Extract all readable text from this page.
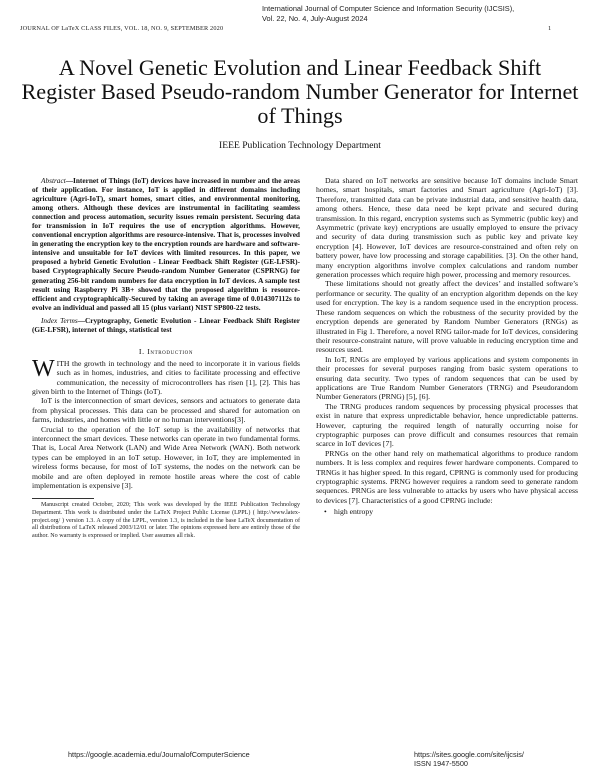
International Journal of Computer Science and Information Security (IJCSIS),
Vol. 22, No. 4, July-August 2024
JOURNAL OF LaTeX CLASS FILES, VOL. 18, NO. 9, SEPTEMBER 2020	1
A Novel Genetic Evolution and Linear Feedback Shift Register Based Pseudo-random Number Generator for Internet of Things
IEEE Publication Technology Department

Abstract—Internet of Things (IoT) devices have increased in number and the areas of their application. For instance, IoT is applied in different domains including agriculture (Agri-IoT), smart homes, smart cities, and environmental monitoring, among others. Although these devices are instrumental in facilitating seamless connection and process automation, security issues remain persistent. Securing data for transmission in IoT requires the use of encryption algorithms. However, conventional encryption algorithms are resource-intensive. That is, processes involved in generating the encryption key to the encryption rounds are hardware and software-intensive and unsuitable for IoT devices with limited resources. In this paper, we proposed a hybrid Genetic Evolution - Linear Feedback Shift Register (GE-LFSR)-based Cryptographically Secure Pseudo-random Number Generator (CSPRNG) for generating 256-bit random numbers for data encryption in IoT devices. A sample test result using Raspberry Pi 3B+ showed that the proposed algorithm is resource-efficient and cryptographically-Secured by taking an average time of 0.014307112s to evolve an individual and passed all 15 (plus variant) NIST SP800-22 tests.

Index Terms—Cryptography, Genetic Evolution - Linear Feedback Shift Register (GE-LFSR), internet of things, statistical test

I. Introduction

WITH the growth in technology and the need to incorporate it in various fields such as in homes, industries, and cities to facilitate processing and effective communication, the necessity of microcontrollers has risen [1], [2]. This has given birth to the Internet of Things (IoT).

IoT is the interconnection of smart devices, sensors and actuators to generate data from physical processes. This data can be processed and shared for automation on farms, industries, and homes with little or no human interventions[3].

Crucial to the operation of the IoT setup is the availability of networks that interconnect the smart devices. These networks can operate in two fundamental forms. That is, Local Area Network (LAN) and Wide Area Network (WAN). Both network types can be employed in an IoT setup. However, in IoT, they are implemented in wireless forms because, for most of IoT systems, the nodes on the network can be mobile and are often deployed in remote hostile areas where the cost of cable implementation is expensive [3].

Manuscript created October, 2020; This work was developed by the IEEE Publication Technology Department. This work is distributed under the LaTeX Project Public License (LPPL) ( http://www.latex-project.org/ ) version 1.3. A copy of the LPPL, version 1.3, is included in the base LaTeX documentation of all distributions of LaTeX released 2003/12/01 or later. The opinions expressed here are entirely those of the author. No warranty is expressed or implied. User assumes all risk.

Data shared on IoT networks are sensitive because IoT domains include Smart homes, smart hospitals, smart factories and Smart agriculture (Agri-IoT) [3]. Therefore, transmitted data can be private industrial data, and sensitive health data, among others. Hence, these data need be kept private and secured during transmission. In this regard, encryption systems such as Symmetric (public key) and Asymmetric (private key) encryptions are usually employed to ensure the privacy and security of data during transmission such as public key and private key encryption [4]. However, IoT devices are resource-constrained and often rely on battery power, have low processing and storage capabilities. [3]. On the other hand, many encryption algorithms involve complex calculations and random number generation processes which require high power, processing and memory resources.

These limitations should not greatly affect the devices’ and installed software’s performance or security. The quality of an encryption algorithm depends on the key used for encryption. The key is a random sequence used in the encryption process. These random sequences on which the robustness of the security provided by the encryption depends are generated by Random Number Generators (RNGs) as illustrated in Fig 1. Therefore, a novel RNG tailor-made for IoT devices, considering their resource-constraint nature, will prove valuable in reducing encryption time and resources used.

In IoT, RNGs are employed by various applications and system components in their processes for several purposes ranging from basic system operations to ensuring data security. Two types of random sequences that can be used by applications are True Random Number Generators (TRNG) and Pseudorandom Number Generators (PRNG) [5], [6].

The TRNG produces random sequences by processing physical processes that exist in nature that express unpredictable behavior, hence unpredictable patterns. However, capturing the required length of naturally occurring noise for cryptographic purposes can prove difficult and consumes resources that remain scarce in IoT devices [7].

PRNGs on the other hand rely on mathematical algorithms to produce random numbers. It is less complex and requires fewer hardware components. Compared to TRNGs it has higher speed. In this regard, CPRNG is commonly used for producing cryptographic systems. PRNG however requires a random seed to generate random sequences. PRNGs are less vulnerable to attacks by users who have physical access to devices [7]. Characteristics of a good CPRNG include:

• high entropy
https://google.academia.edu/JournalofComputerScience	https://sites.google.com/site/ijcsis/
ISSN 1947-5500
